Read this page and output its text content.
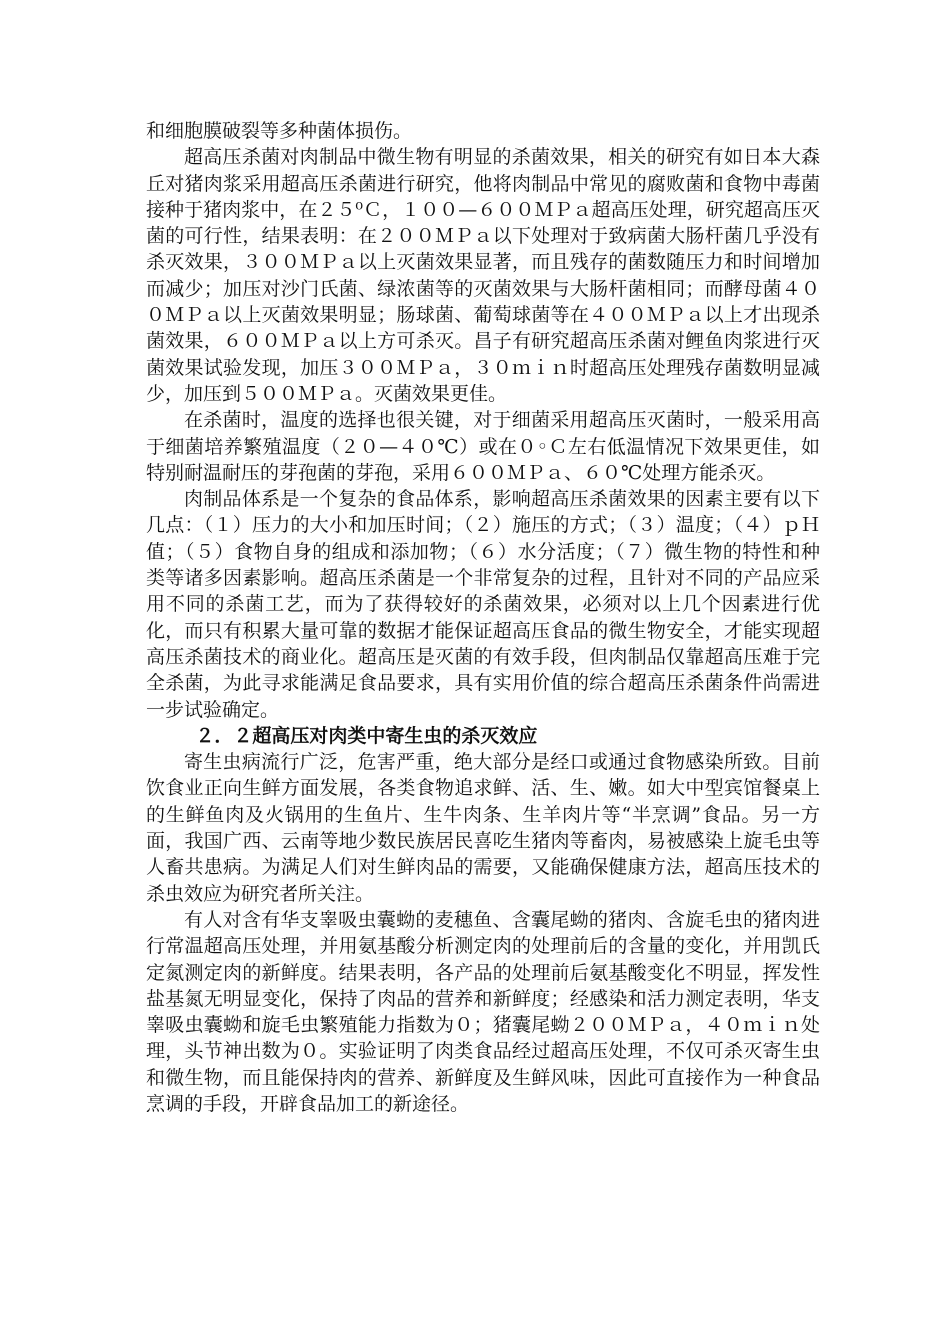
和细胞膜破裂等多种菌体损伤。

超高压杀菌对肉制品中微生物有明显的杀菌效果，相关的研究有如日本大森丘对猪肉浆采用超高压杀菌进行研究，他将肉制品中常见的腐败菌和食物中毒菌接种于猪肉浆中，在２５⁰Ｃ，１００—６００ＭＰａ超高压处理，研究超高压灭菌的可行性，结果表明：在２００ＭＰａ以下处理对于致病菌大肠杆菌几乎没有杀灭效果，３００ＭＰａ以上灭菌效果显著，而且残存的菌数随压力和时间增加而减少；加压对沙门氏菌、绿浓菌等的灭菌效果与大肠杆菌相同；而酵母菌４００ＭＰａ以上灭菌效果明显；肠球菌、葡萄球菌等在４００ＭＰａ以上才出现杀菌效果，６００ＭＰａ以上方可杀灭。昌子有研究超高压杀菌对鲤鱼肉浆进行灭菌效果试验发现，加压３００ＭＰａ，３０ｍｉｎ时超高压处理残存菌数明显减少，加压到５００ＭＰａ。灭菌效果更佳。

在杀菌时，温度的选择也很关键，对于细菌采用超高压灭菌时，一般采用高于细菌培养繁殖温度（２０—４０℃）或在０◦Ｃ左右低温情况下效果更佳，如特别耐温耐压的芽孢菌的芽孢，采用６００ＭＰａ、６０℃处理方能杀灭。

肉制品体系是一个复杂的食品体系，影响超高压杀菌效果的因素主要有以下几点：（１）压力的大小和加压时间；（２）施压的方式；（３）温度；（４）ｐＨ值；（５）食物自身的组成和添加物；（６）水分活度；（７）微生物的特性和种类等诸多因素影响。超高压杀菌是一个非常复杂的过程，且针对不同的产品应采用不同的杀菌工艺，而为了获得较好的杀菌效果，必须对以上几个因素进行优化，而只有积累大量可靠的数据才能保证超高压食品的微生物安全，才能实现超高压杀菌技术的商业化。超高压是灭菌的有效手段，但肉制品仅靠超高压难于完全杀菌，为此寻求能满足食品要求，具有实用价值的综合超高压杀菌条件尚需进一步试验确定。

２．２超高压对肉类中寄生虫的杀灭效应

寄生虫病流行广泛，危害严重，绝大部分是经口或通过食物感染所致。目前饮食业正向生鲜方面发展，各类食物追求鲜、活、生、嫩。如大中型宾馆餐桌上的生鲜鱼肉及火锅用的生鱼片、生牛肉条、生羊肉片等“半烹调”食品。另一方面，我国广西、云南等地少数民族居民喜吃生猪肉等畜肉，易被感染上旋毛虫等人畜共患病。为满足人们对生鲜肉品的需要，又能确保健康方法，超高压技术的杀虫效应为研究者所关注。

有人对含有华支睾吸虫囊蚴的麦穗鱼、含囊尾蚴的猪肉、含旋毛虫的猪肉进行常温超高压处理，并用氨基酸分析测定肉的处理前后的含量的变化，并用凯氏定氮测定肉的新鲜度。结果表明，各产品的处理前后氨基酸变化不明显，挥发性盐基氮无明显变化，保持了肉品的营养和新鲜度；经感染和活力测定表明，华支睾吸虫囊蚴和旋毛虫繁殖能力指数为０；猪囊尾蚴２００ＭＰａ，４０ｍｉｎ处理，头节神出数为０。实验证明了肉类食品经过超高压处理，不仅可杀灭寄生虫和微生物，而且能保持肉的营养、新鲜度及生鲜风味，因此可直接作为一种食品烹调的手段，开辟食品加工的新途径。
